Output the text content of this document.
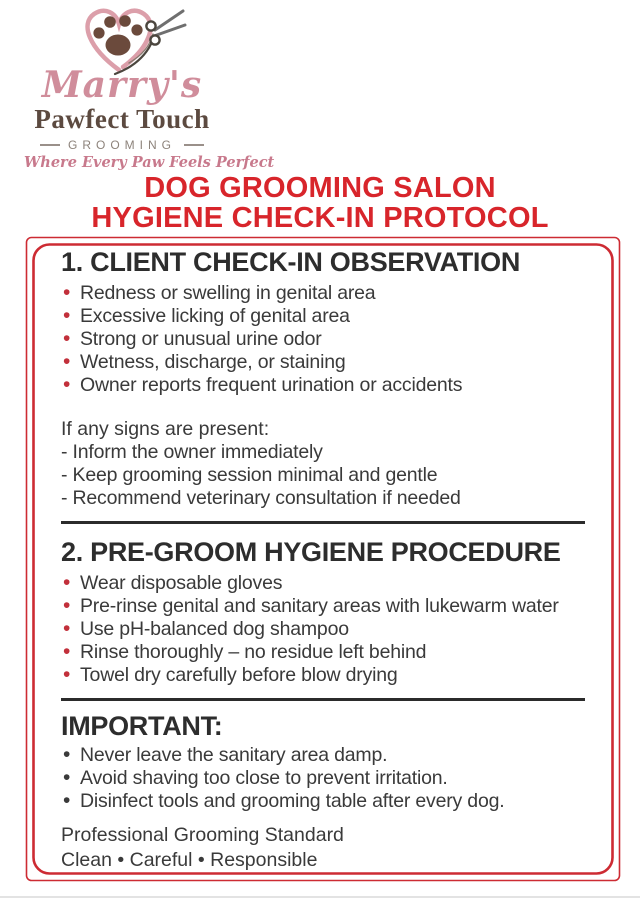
Marry's
Pawfect Touch
GROOMING
Where Every Paw Feels Perfect
DOG GROOMING SALON
HYGIENE CHECK-IN PROTOCOL
1. CLIENT CHECK-IN OBSERVATION
• Redness or swelling in genital area
• Excessive licking of genital area
• Strong or unusual urine odor
• Wetness, discharge, or staining
• Owner reports frequent urination or accidents

If any signs are present:

- Inform the owner immediately
- Keep grooming session minimal and gentle
- Recommend veterinary consultation if needed
2. PRE-GROOM HYGIENE PROCEDURE
• Wear disposable gloves
• Pre-rinse genital and sanitary areas with lukewarm water
• Use pH-balanced dog shampoo
• Rinse thoroughly – no residue left behind
• Towel dry carefully before blow drying
IMPORTANT:
• Never leave the sanitary area damp.
• Avoid shaving too close to prevent irritation.
• Disinfect tools and grooming table after every dog.
Professional Grooming Standard
Clean • Careful • Responsible
